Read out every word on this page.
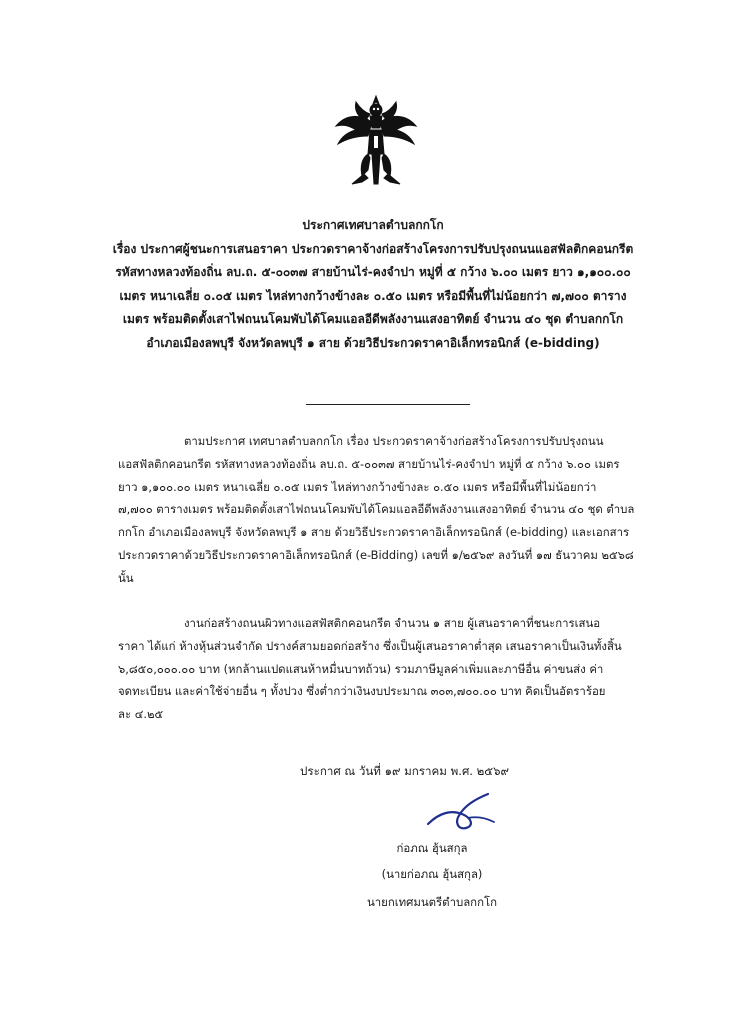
ประกาศเทศบาลตำบลกกโก
เรื่อง ประกาศผู้ชนะการเสนอราคา ประกวดราคาจ้างก่อสร้างโครงการปรับปรุงถนนแอสฟัลติกคอนกรีต
รหัสทางหลวงท้องถิ่น ลบ.ถ. ๕-๐๐๓๗ สายบ้านไร่-คงจำปา หมู่ที่ ๕ กว้าง ๖.๐๐ เมตร ยาว ๑,๑๐๐.๐๐
เมตร หนาเฉลี่ย ๐.๐๕ เมตร ไหล่ทางกว้างข้างละ ๐.๕๐ เมตร หรือมีพื้นที่ไม่น้อยกว่า ๗,๗๐๐ ตาราง
เมตร พร้อมติดตั้งเสาไฟถนนโคมพับได้โคมแอลอีดีพลังงานแสงอาทิตย์ จำนวน ๔๐ ชุด ตำบลกกโก
อำเภอเมืองลพบุรี จังหวัดลพบุรี ๑ สาย ด้วยวิธีประกวดราคาอิเล็กทรอนิกส์ (e-bidding)
ตามประกาศ เทศบาลตำบลกกโก เรื่อง ประกวดราคาจ้างก่อสร้างโครงการปรับปรุงถนน
แอสฟัลติกคอนกรีต รหัสทางหลวงท้องถิ่น ลบ.ถ. ๕-๐๐๓๗ สายบ้านไร่-คงจำปา หมู่ที่ ๕ กว้าง ๖.๐๐ เมตร
ยาว ๑,๑๐๐.๐๐ เมตร หนาเฉลี่ย ๐.๐๕ เมตร ไหล่ทางกว้างข้างละ ๐.๕๐ เมตร หรือมีพื้นที่ไม่น้อยกว่า
๗,๗๐๐ ตารางเมตร พร้อมติดตั้งเสาไฟถนนโคมพับได้โคมแอลอีดีพลังงานแสงอาทิตย์ จำนวน ๔๐ ชุด ตำบล
กกโก อำเภอเมืองลพบุรี จังหวัดลพบุรี ๑ สาย ด้วยวิธีประกวดราคาอิเล็กทรอนิกส์ (e-bidding) และเอกสาร
ประกวดราคาด้วยวิธีประกวดราคาอิเล็กทรอนิกส์ (e-Bidding) เลขที่ ๑/๒๕๖๙ ลงวันที่ ๑๗ ธันวาคม ๒๕๖๘
นั้น
งานก่อสร้างถนนผิวทางแอสฟัสติกคอนกรีต จำนวน ๑ สาย ผู้เสนอราคาที่ชนะการเสนอ
ราคา ได้แก่ ห้างหุ้นส่วนจำกัด ปรางค์สามยอดก่อสร้าง ซึ่งเป็นผู้เสนอราคาต่ำสุด เสนอราคาเป็นเงินทั้งสิ้น
๖,๘๕๐,๐๐๐.๐๐ บาท (หกล้านแปดแสนห้าหมื่นบาทถ้วน) รวมภาษีมูลค่าเพิ่มและภาษีอื่น ค่าขนส่ง ค่า
จดทะเบียน และค่าใช้จ่ายอื่น ๆ ทั้งปวง ซึ่งต่ำกว่าเงินงบประมาณ ๓๐๓,๗๐๐.๐๐ บาท คิดเป็นอัตราร้อย
ละ ๔.๒๕
ประกาศ ณ วันที่ ๑๙ มกราคม พ.ศ. ๒๕๖๙
ก่อภณ ฮุ้นสกุล
(นายก่อภณ ฮุ้นสกุล)
นายกเทศมนตรีตำบลกกโก
